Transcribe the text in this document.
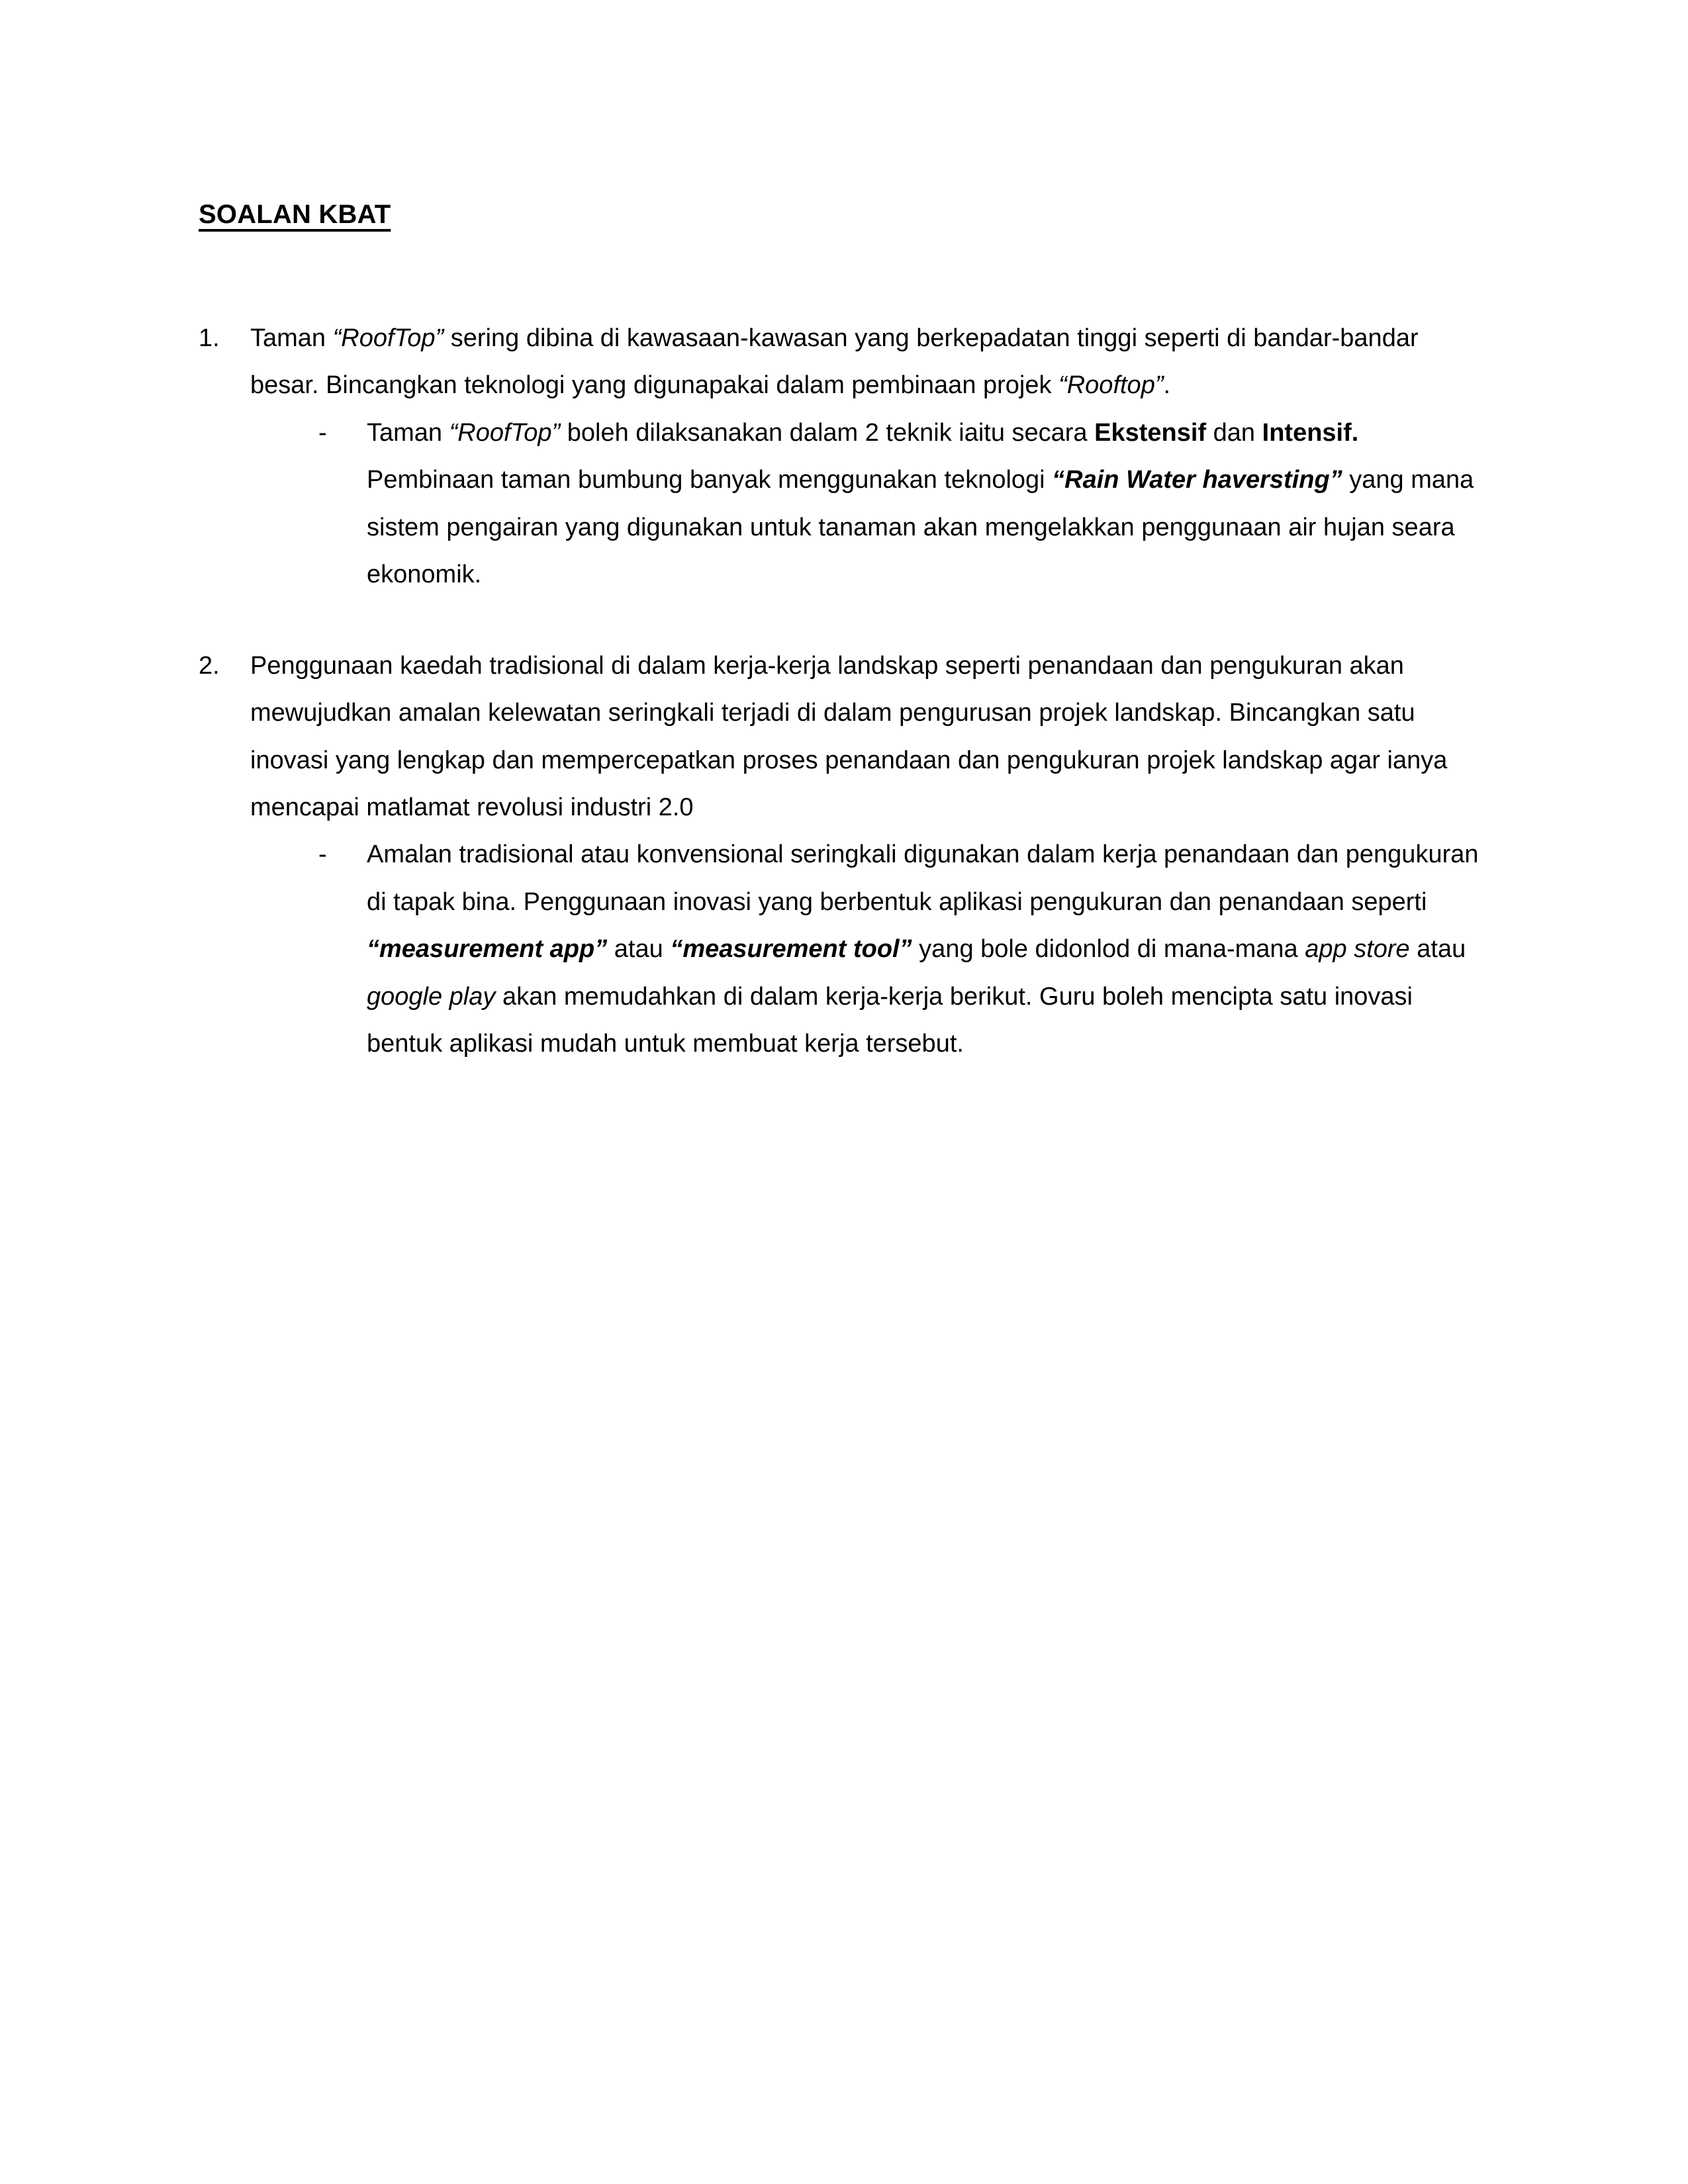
SOALAN KBAT
1.	Taman “RoofTop” sering dibina di kawasaan-kawasan yang berkepadatan tinggi seperti di bandar-bandar besar. Bincangkan teknologi yang digunapakai dalam pembinaan projek “Rooftop”.
-	Taman “RoofTop” boleh dilaksanakan dalam 2 teknik iaitu secara Ekstensif dan Intensif. Pembinaan taman bumbung banyak menggunakan teknologi “Rain Water haversting” yang mana sistem pengairan yang digunakan untuk tanaman akan mengelakkan penggunaan air hujan seara ekonomik.
2.	Penggunaan kaedah tradisional di dalam kerja-kerja landskap seperti penandaan dan pengukuran akan mewujudkan amalan kelewatan seringkali terjadi di dalam pengurusan projek landskap. Bincangkan satu inovasi yang lengkap dan mempercepatkan proses penandaan dan pengukuran projek landskap agar ianya mencapai matlamat revolusi industri 2.0
-	Amalan tradisional atau konvensional seringkali digunakan dalam kerja penandaan dan pengukuran di tapak bina. Penggunaan inovasi yang berbentuk aplikasi pengukuran dan penandaan seperti “measurement app” atau “measurement tool” yang bole didonlod di mana-mana app store atau google play akan memudahkan di dalam kerja-kerja berikut. Guru boleh mencipta satu inovasi bentuk aplikasi mudah untuk membuat kerja tersebut.
